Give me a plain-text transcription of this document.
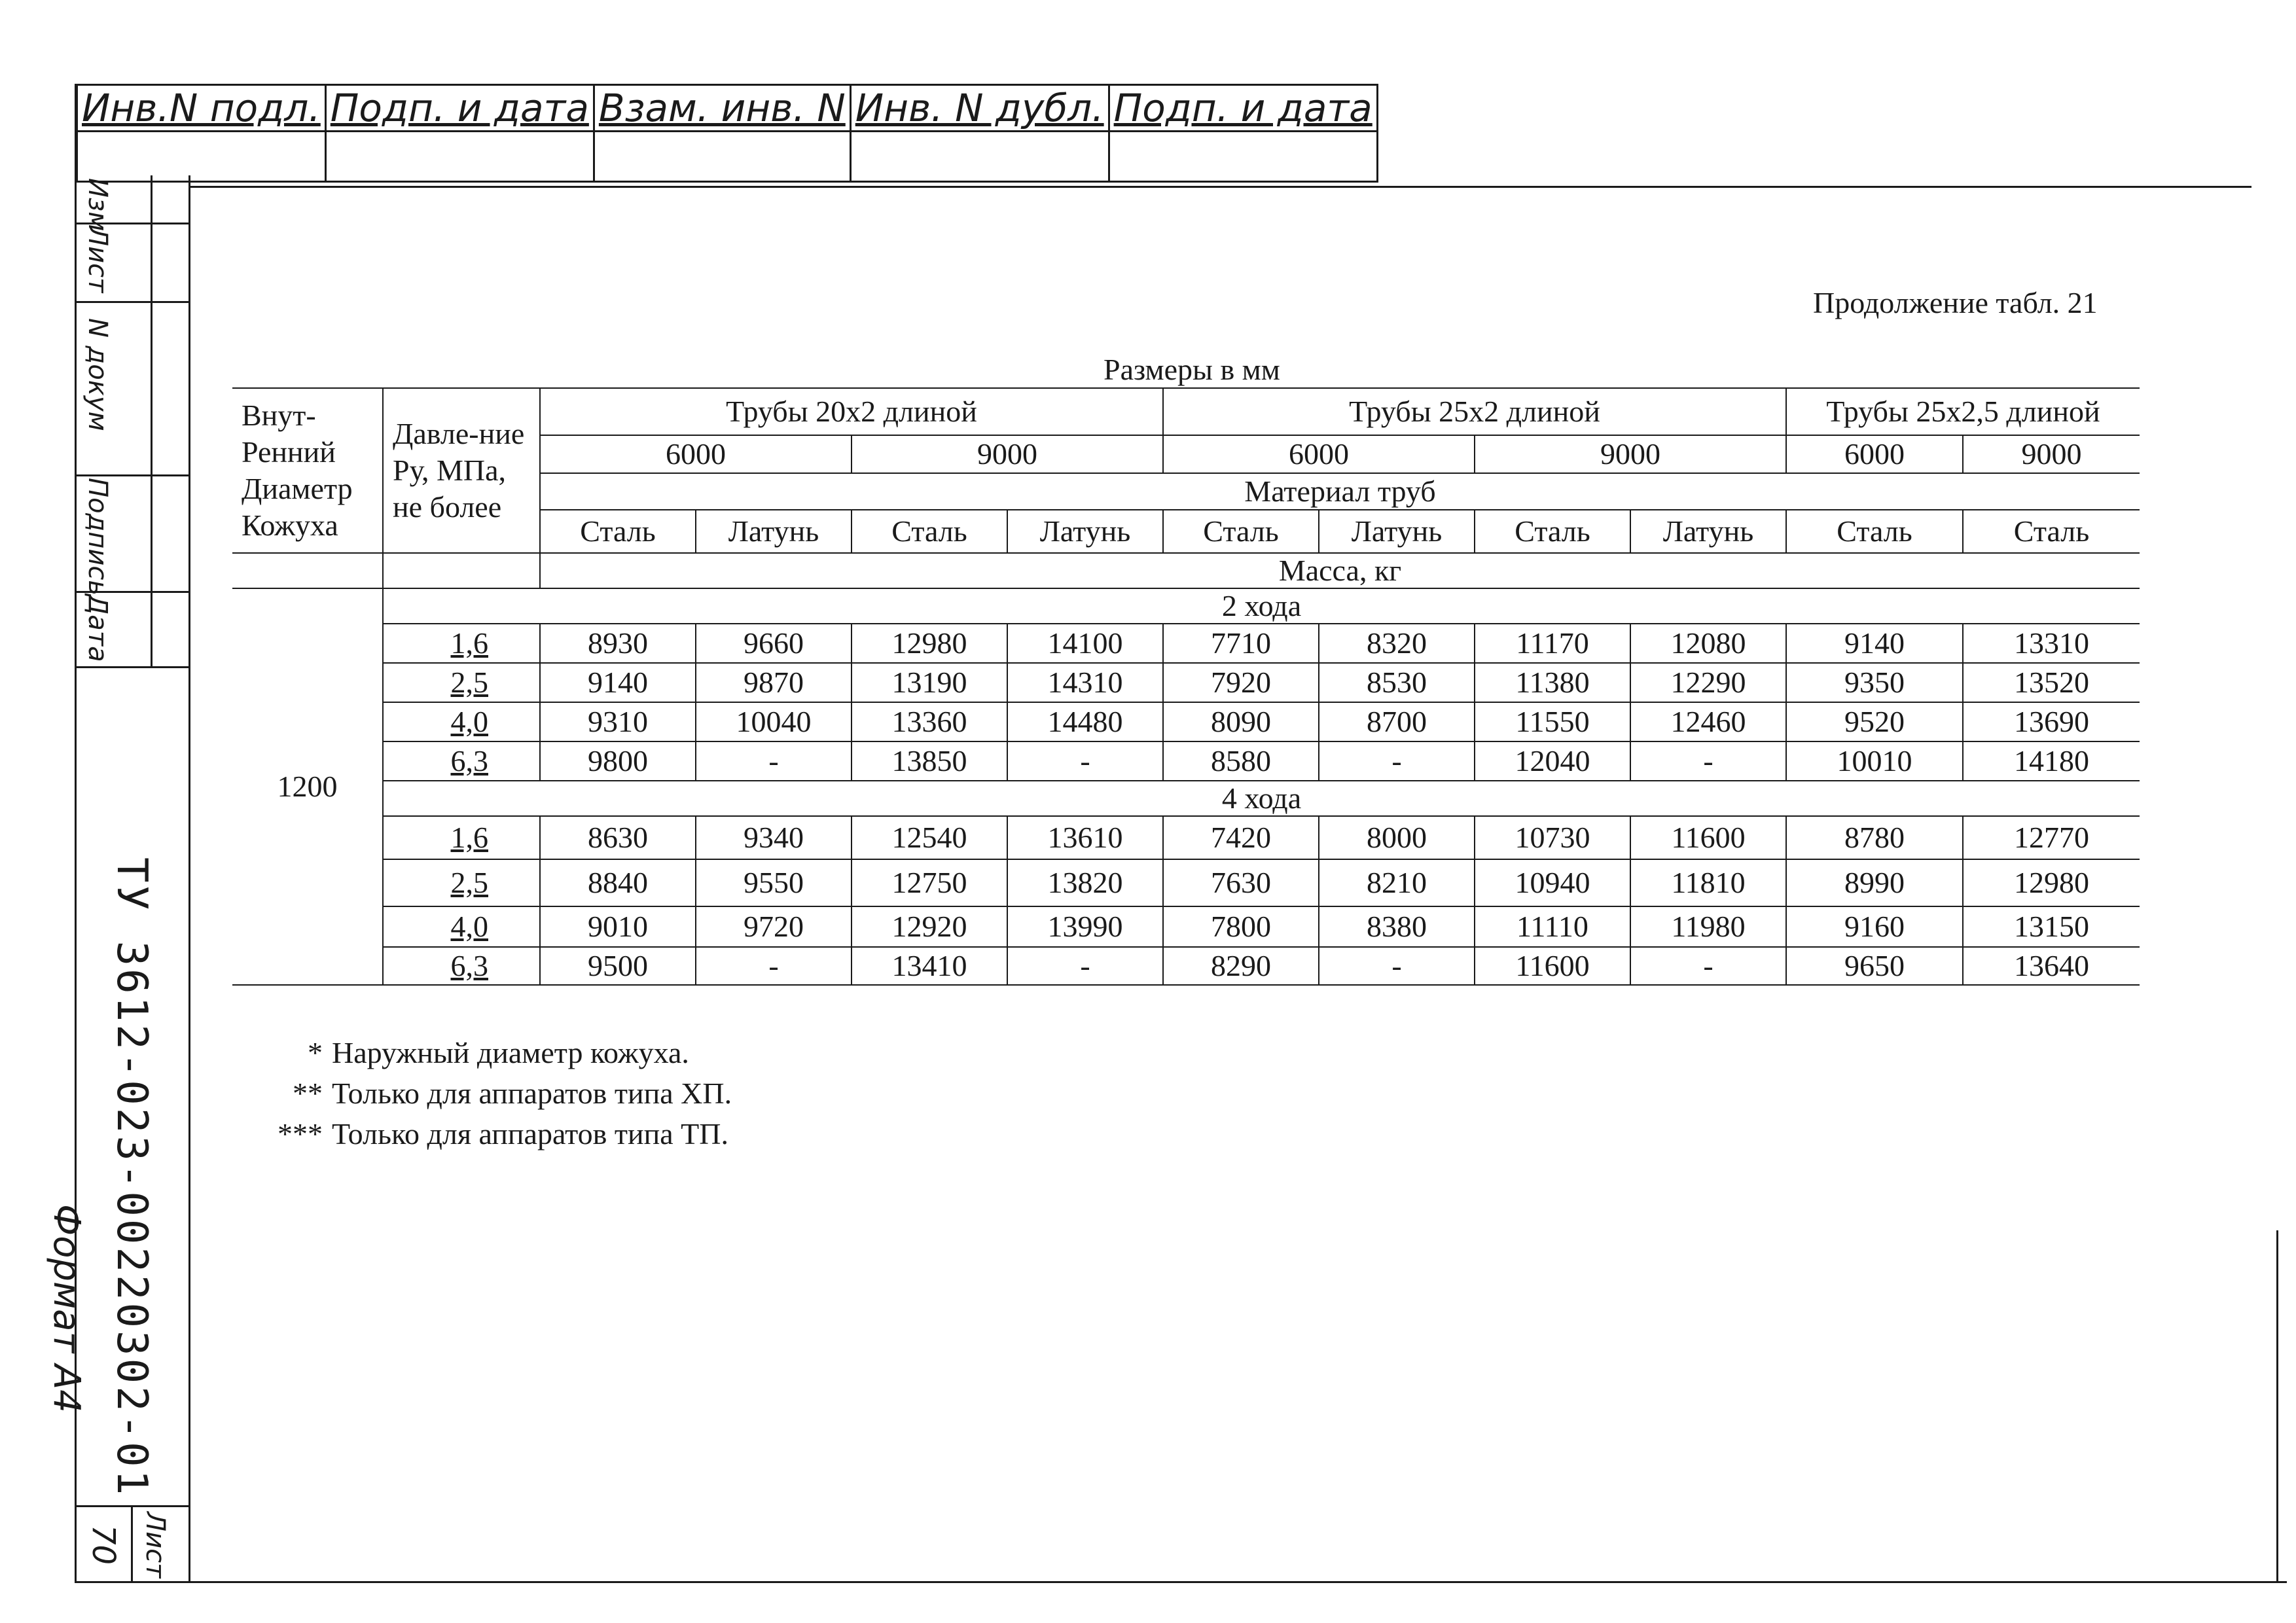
Инв.N подл.	Подп. и дата	Взам. инв. N	Инв. N дубл.	Подп. и дата

Изм
Лист
N докум
Подпись
Дата
ТУ 3612-023-00220302-01
Формат А4
Лист
70
Продолжение табл. 21
Размеры в мм
Внут-Ренний Диаметр Кожуха	Давле-ние Ру, МПа, не более	Трубы 20х2 длиной				Трубы 25х2 длиной				Трубы 25х2,5 длиной	
		6000		9000		6000		9000		6000	9000
		Материал труб									
		Сталь	Латунь	Сталь	Латунь	Сталь	Латунь	Сталь	Латунь	Сталь	Сталь
		Масса, кг									
1200	2 хода										
	1,6	8930	9660	12980	14100	7710	8320	11170	12080	9140	13310
	2,5	9140	9870	13190	14310	7920	8530	11380	12290	9350	13520
	4,0	9310	10040	13360	14480	8090	8700	11550	12460	9520	13690
	6,3	9800	-	13850	-	8580	-	12040	-	10010	14180
	4 хода										
	1,6	8630	9340	12540	13610	7420	8000	10730	11600	8780	12770
	2,5	8840	9550	12750	13820	7630	8210	10940	11810	8990	12980
	4,0	9010	9720	12920	13990	7800	8380	11110	11980	9160	13150
	6,3	9500	-	13410	-	8290	-	11600	-	9650	13640
* Наружный диаметр кожуха.
** Только для аппаратов типа ХП.
*** Только для аппаратов типа ТП.
